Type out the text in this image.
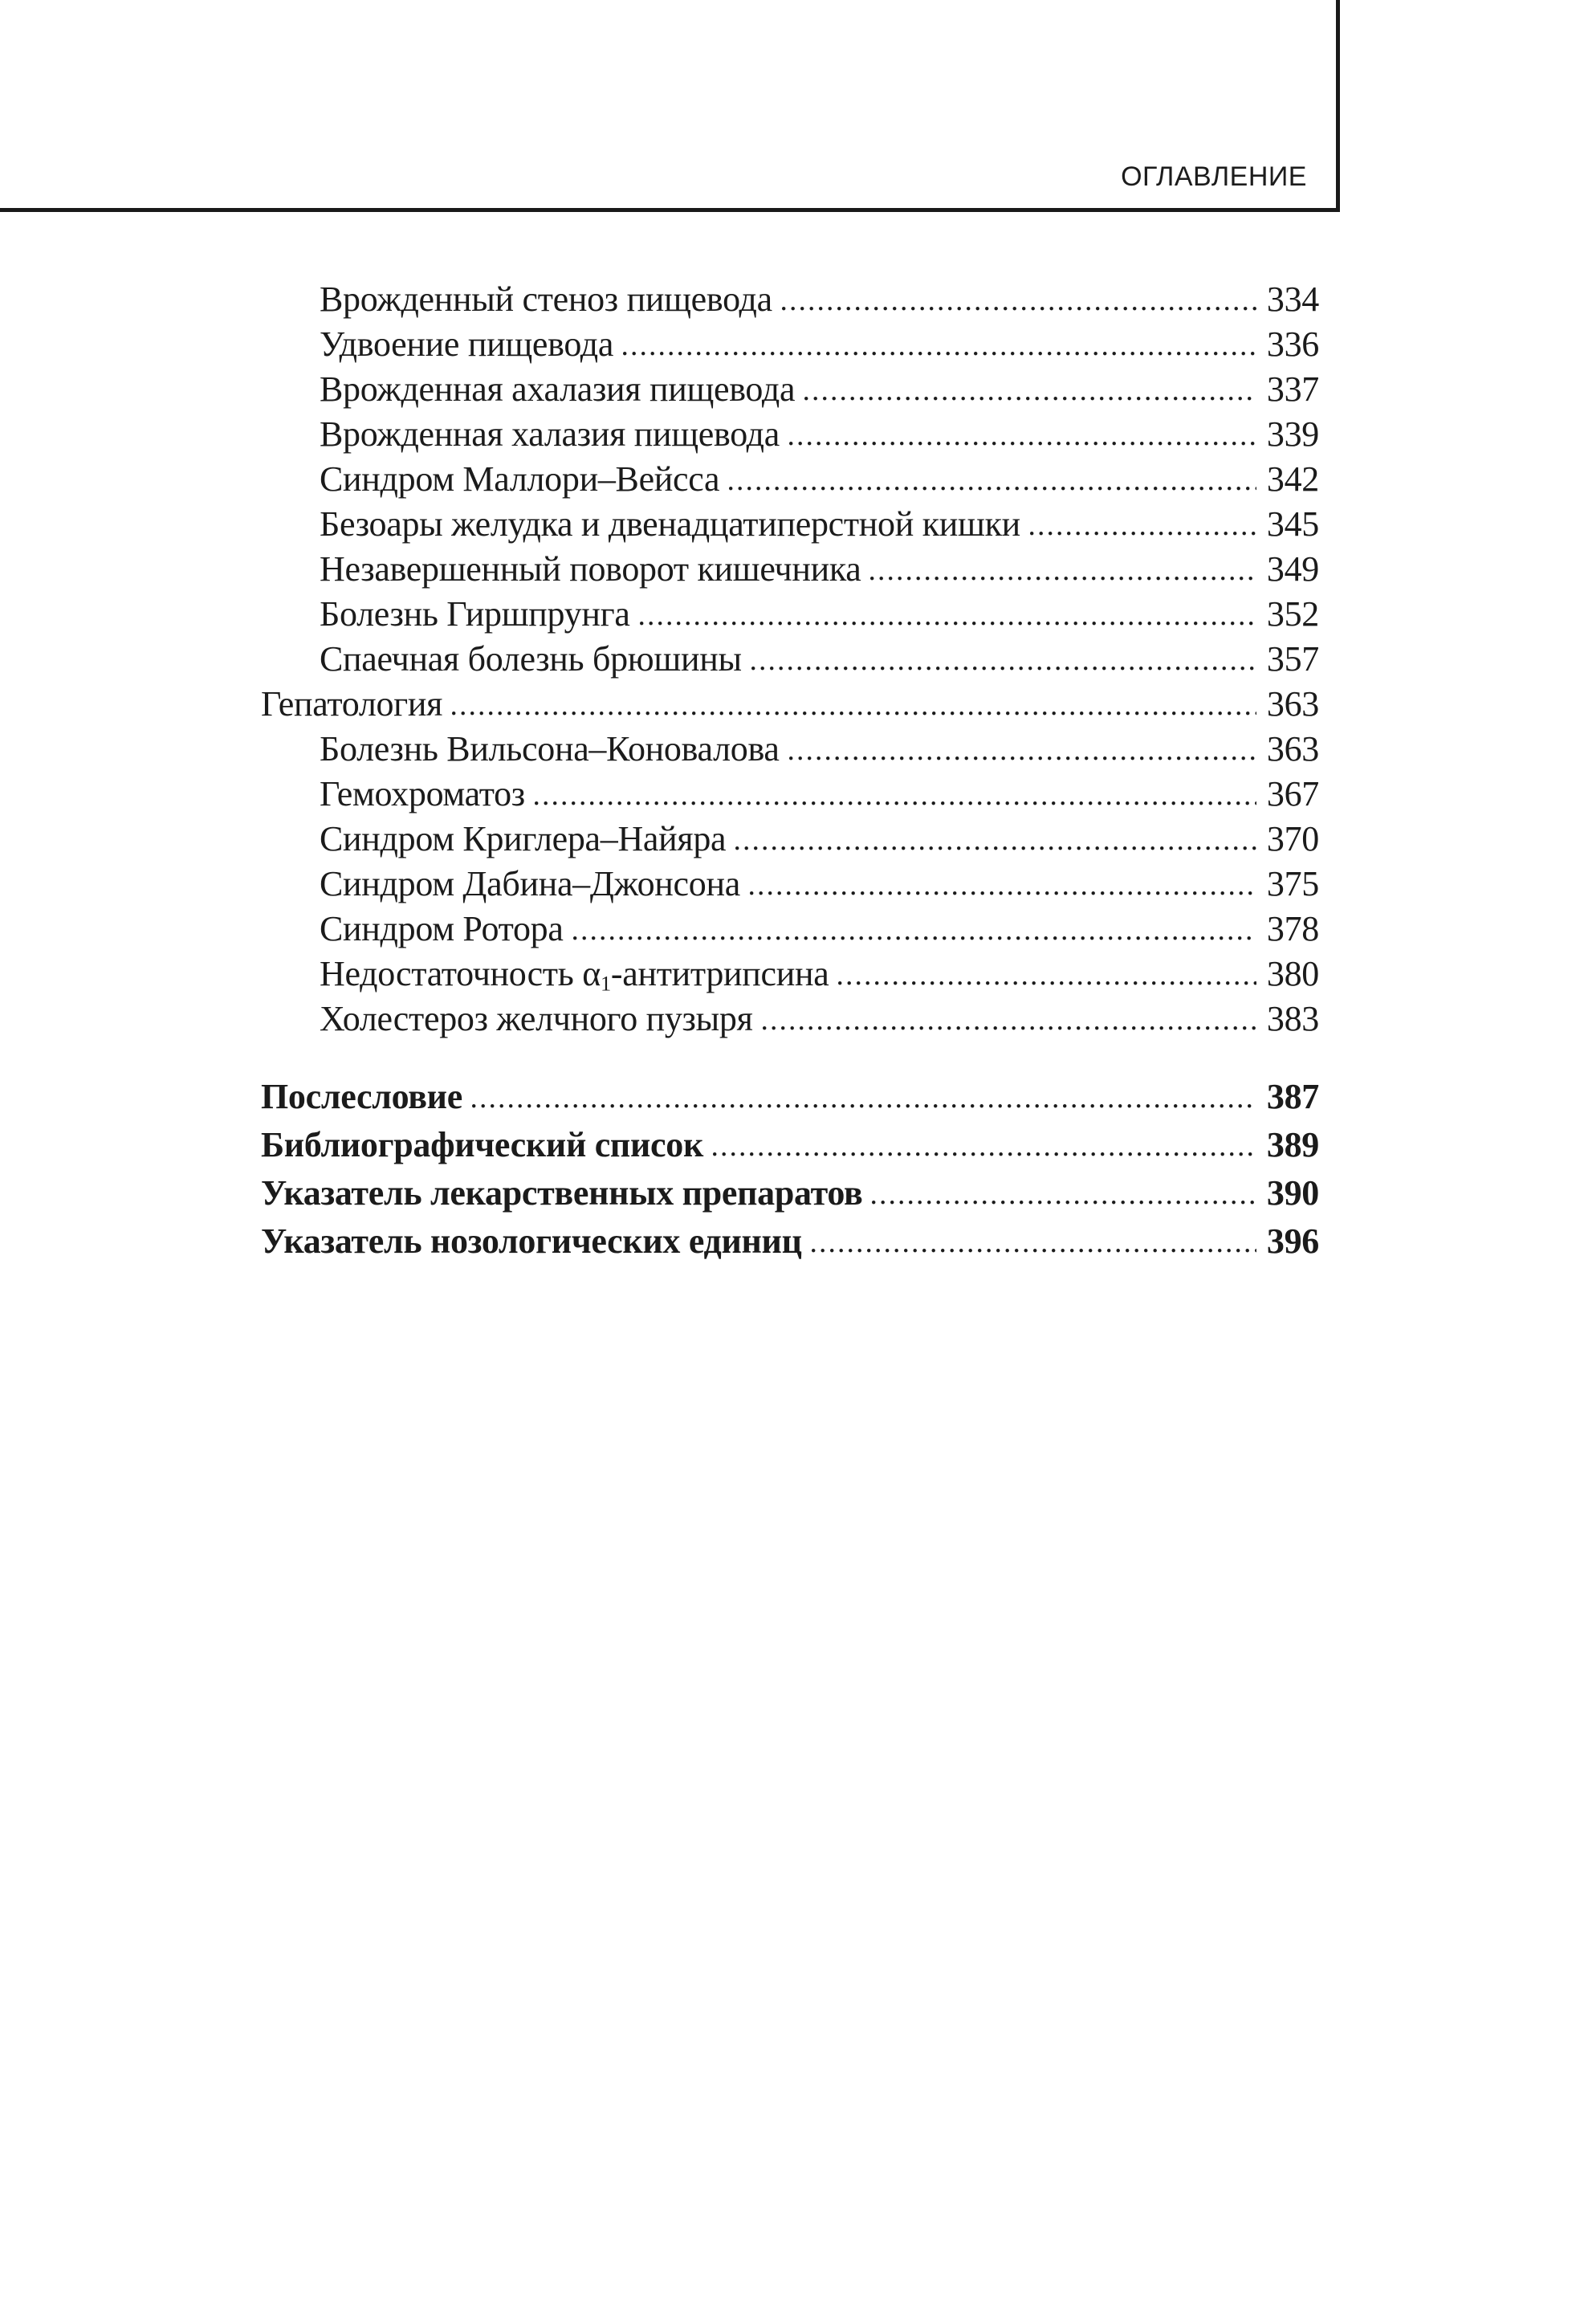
ОГЛАВЛЕНИЕ
Врожденный стеноз пищевода	334
Удвоение пищевода	336
Врожденная ахалазия пищевода	337
Врожденная халазия пищевода	339
Синдром Маллори–Вейсса	342
Безоары желудка и двенадцатиперстной кишки	345
Незавершенный поворот кишечника	349
Болезнь Гиршпрунга	352
Спаечная болезнь брюшины	357
Гепатология	363
Болезнь Вильсона–Коновалова	363
Гемохроматоз	367
Синдром Криглера–Найяра	370
Синдром Дабина–Джонсона	375
Синдром Ротора	378
Недостаточность $\alpha_1$-антитрипсина	380
Холестероз желчного пузыря	383
Послесловие	387
Библиографический список	389
Указатель лекарственных препаратов	390
Указатель нозологических единиц	396
